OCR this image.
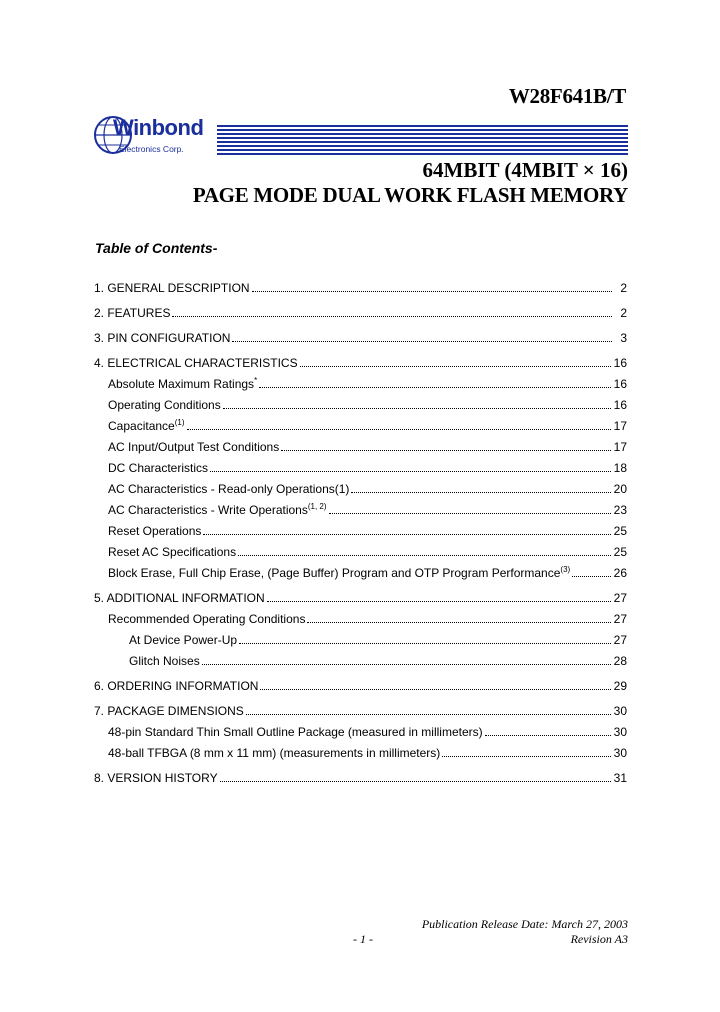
W28F641B/T
Winbond
Electronics Corp.
64MBIT (4MBIT × 16)
PAGE MODE DUAL WORK FLASH MEMORY
Table of Contents-
1. GENERAL DESCRIPTION	2
2. FEATURES	2
3. PIN CONFIGURATION	3
4. ELECTRICAL CHARACTERISTICS	16
Absolute Maximum Ratings*	16
Operating Conditions	16
Capacitance$^{(1)}$	17
AC Input/Output Test Conditions	17
DC Characteristics	18
AC Characteristics - Read-only Operations(1)	20
AC Characteristics - Write Operations$^{(1, 2)}$	23
Reset Operations	25
Reset AC Specifications	25
Block Erase, Full Chip Erase, (Page Buffer) Program and OTP Program Performance$^{(3)}$	26
5. ADDITIONAL INFORMATION	27
Recommended Operating Conditions	27
At Device Power-Up	27
Glitch Noises	28
6. ORDERING INFORMATION	29
7. PACKAGE DIMENSIONS	30
48-pin Standard Thin Small Outline Package (measured in millimeters)	30
48-ball TFBGA (8 mm x 11 mm) (measurements in millimeters)	30
8. VERSION HISTORY	31
Publication Release Date: March 27, 2003
- 1 -	Revision A3
